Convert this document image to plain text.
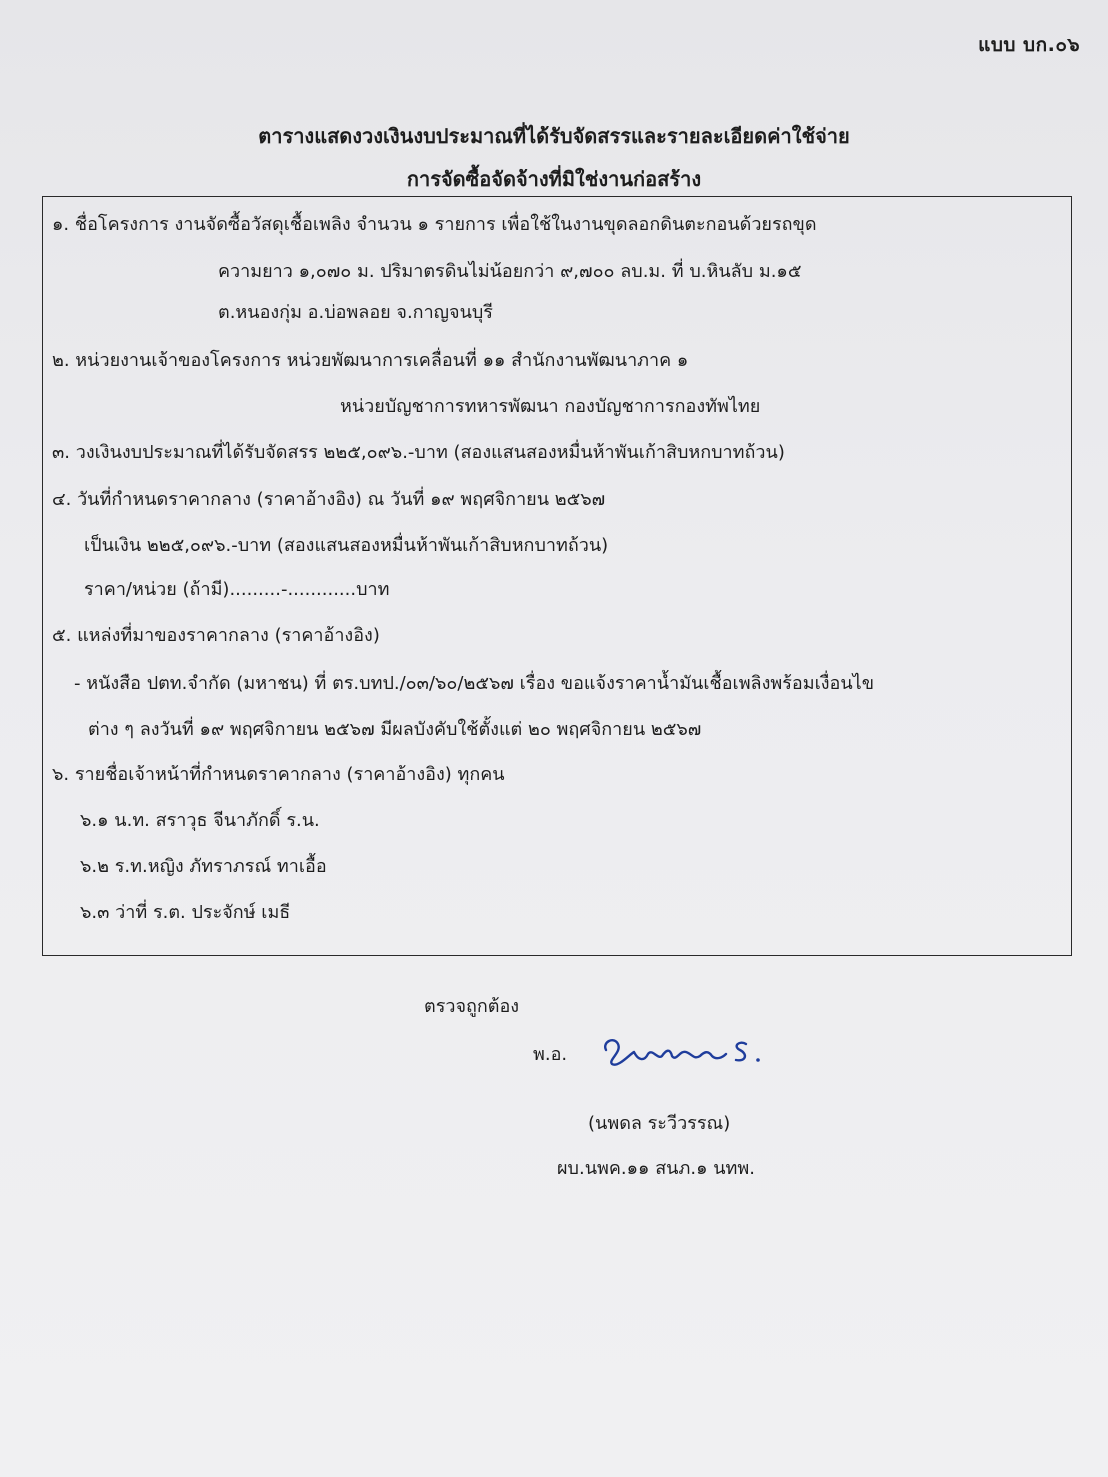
แบบ บก.๐๖
ตารางแสดงวงเงินงบประมาณที่ได้รับจัดสรรและรายละเอียดค่าใช้จ่าย
การจัดซื้อจัดจ้างที่มิใช่งานก่อสร้าง
๑. ชื่อโครงการ งานจัดซื้อวัสดุเชื้อเพลิง จำนวน ๑ รายการ เพื่อใช้ในงานขุดลอกดินตะกอนด้วยรถขุด
ความยาว ๑,๐๗๐ ม. ปริมาตรดินไม่น้อยกว่า ๙,๗๐๐ ลบ.ม. ที่ บ.หินลับ ม.๑๕
ต.หนองกุ่ม อ.บ่อพลอย จ.กาญจนบุรี
๒. หน่วยงานเจ้าของโครงการ หน่วยพัฒนาการเคลื่อนที่ ๑๑ สำนักงานพัฒนาภาค ๑
หน่วยบัญชาการทหารพัฒนา กองบัญชาการกองทัพไทย
๓. วงเงินงบประมาณที่ได้รับจัดสรร ๒๒๕,๐๙๖.-บาท (สองแสนสองหมื่นห้าพันเก้าสิบหกบาทถ้วน)
๔. วันที่กำหนดราคากลาง (ราคาอ้างอิง) ณ วันที่ ๑๙ พฤศจิกายน ๒๕๖๗
เป็นเงิน ๒๒๕,๐๙๖.-บาท (สองแสนสองหมื่นห้าพันเก้าสิบหกบาทถ้วน)
ราคา/หน่วย (ถ้ามี).........-............บาท
๕. แหล่งที่มาของราคากลาง (ราคาอ้างอิง)
- หนังสือ ปตท.จำกัด (มหาชน) ที่ ตร.บทป./๐๓/๖๐/๒๕๖๗ เรื่อง ขอแจ้งราคาน้ำมันเชื้อเพลิงพร้อมเงื่อนไข
ต่าง ๆ ลงวันที่ ๑๙ พฤศจิกายน ๒๕๖๗ มีผลบังคับใช้ตั้งแต่ ๒๐ พฤศจิกายน ๒๕๖๗
๖. รายชื่อเจ้าหน้าที่กำหนดราคากลาง (ราคาอ้างอิง) ทุกคน
๖.๑ น.ท. สราวุธ จีนาภักดิ์ ร.น.
๖.๒ ร.ท.หญิง ภัทราภรณ์ ทาเอื้อ
๖.๓ ว่าที่ ร.ต. ประจักษ์ เมธี
ตรวจถูกต้อง
พ.อ.
(นพดล ระวีวรรณ)
ผบ.นพค.๑๑ สนภ.๑ นทพ.
